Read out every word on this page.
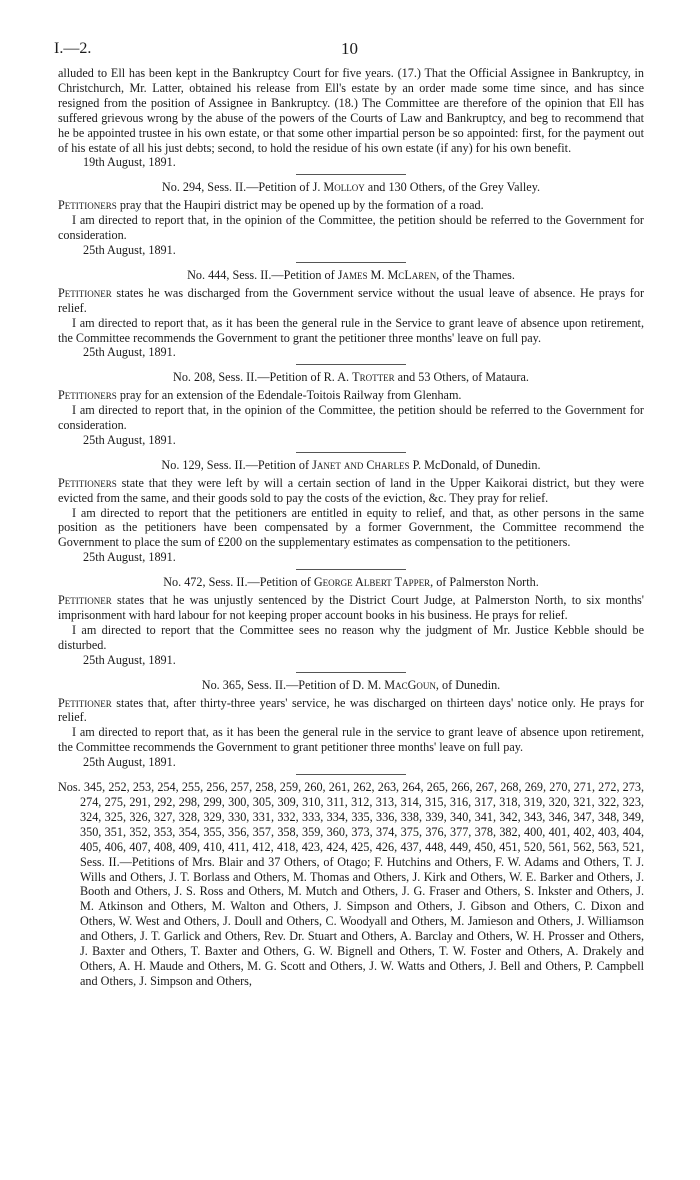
I.—2.	10

alluded to Ell has been kept in the Bankruptcy Court for five years. (17.) That the Official Assignee in Bankruptcy, in Christchurch, Mr. Latter, obtained his release from Ell's estate by an order made some time since, and has since resigned from the position of Assignee in Bankruptcy. (18.) The Committee are therefore of the opinion that Ell has suffered grievous wrong by the abuse of the powers of the Courts of Law and Bankruptcy, and beg to recommend that he be appointed trustee in his own estate, or that some other impartial person be so appointed: first, for the payment out of his estate of all his just debts; second, to hold the residue of his own estate (if any) for his own benefit.

19th August, 1891.

No. 294, Sess. II.—Petition of J. Molloy and 130 Others, of the Grey Valley.

Petitioners pray that the Haupiri district may be opened up by the formation of a road.

I am directed to report that, in the opinion of the Committee, the petition should be referred to the Government for consideration.

25th August, 1891.

No. 444, Sess. II.—Petition of James M. McLaren, of the Thames.

Petitioner states he was discharged from the Government service without the usual leave of absence. He prays for relief.

I am directed to report that, as it has been the general rule in the Service to grant leave of absence upon retirement, the Committee recommends the Government to grant the petitioner three months' leave on full pay.

25th August, 1891.

No. 208, Sess. II.—Petition of R. A. Trotter and 53 Others, of Mataura.

Petitioners pray for an extension of the Edendale-Toitois Railway from Glenham.

I am directed to report that, in the opinion of the Committee, the petition should be referred to the Government for consideration.

25th August, 1891.

No. 129, Sess. II.—Petition of Janet and Charles P. McDonald, of Dunedin.

Petitioners state that they were left by will a certain section of land in the Upper Kaikorai district, but they were evicted from the same, and their goods sold to pay the costs of the eviction, &c. They pray for relief.

I am directed to report that the petitioners are entitled in equity to relief, and that, as other persons in the same position as the petitioners have been compensated by a former Government, the Committee recommend the Government to place the sum of £200 on the supplementary estimates as compensation to the petitioners.

25th August, 1891.

No. 472, Sess. II.—Petition of George Albert Tapper, of Palmerston North.

Petitioner states that he was unjustly sentenced by the District Court Judge, at Palmerston North, to six months' imprisonment with hard labour for not keeping proper account books in his business. He prays for relief.

I am directed to report that the Committee sees no reason why the judgment of Mr. Justice Kebble should be disturbed.

25th August, 1891.

No. 365, Sess. II.—Petition of D. M. MacGoun, of Dunedin.

Petitioner states that, after thirty-three years' service, he was discharged on thirteen days' notice only. He prays for relief.

I am directed to report that, as it has been the general rule in the service to grant leave of absence upon retirement, the Committee recommends the Government to grant petitioner three months' leave on full pay.

25th August, 1891.

Nos. 345, 252, 253, 254, 255, 256, 257, 258, 259, 260, 261, 262, 263, 264, 265, 266, 267, 268, 269, 270, 271, 272, 273, 274, 275, 291, 292, 298, 299, 300, 305, 309, 310, 311, 312, 313, 314, 315, 316, 317, 318, 319, 320, 321, 322, 323, 324, 325, 326, 327, 328, 329, 330, 331, 332, 333, 334, 335, 336, 338, 339, 340, 341, 342, 343, 346, 347, 348, 349, 350, 351, 352, 353, 354, 355, 356, 357, 358, 359, 360, 373, 374, 375, 376, 377, 378, 382, 400, 401, 402, 403, 404, 405, 406, 407, 408, 409, 410, 411, 412, 418, 423, 424, 425, 426, 437, 448, 449, 450, 451, 520, 561, 562, 563, 521, Sess. II.—Petitions of Mrs. Blair and 37 Others, of Otago; F. Hutchins and Others, F. W. Adams and Others, T. J. Wills and Others, J. T. Borlass and Others, M. Thomas and Others, J. Kirk and Others, W. E. Barker and Others, J. Booth and Others, J. S. Ross and Others, M. Mutch and Others, J. G. Fraser and Others, S. Inkster and Others, J. M. Atkinson and Others, M. Walton and Others, J. Simpson and Others, J. Gibson and Others, C. Dixon and Others, W. West and Others, J. Doull and Others, C. Woodyall and Others, M. Jamieson and Others, J. Williamson and Others, J. T. Garlick and Others, Rev. Dr. Stuart and Others, A. Barclay and Others, W. H. Prosser and Others, J. Baxter and Others, T. Baxter and Others, G. W. Bignell and Others, T. W. Foster and Others, A. Drakely and Others, A. H. Maude and Others, M. G. Scott and Others, J. W. Watts and Others, J. Bell and Others, P. Campbell and Others, J. Simpson and Others,
